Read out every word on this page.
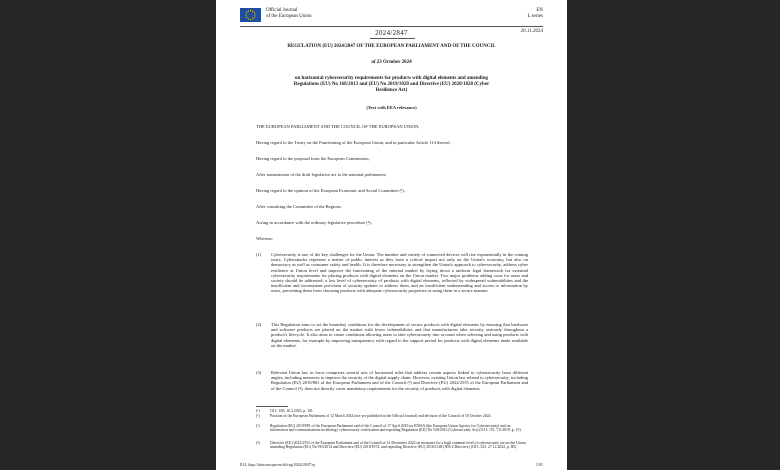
Official Journal
of the European Union
EN
L series
2024/2847	20.11.2024
REGULATION (EU) 2024/2847 OF THE EUROPEAN PARLIAMENT AND OF THE COUNCIL
of 23 October 2024
on horizontal cybersecurity requirements for products with digital elements and amending
Regulations (EU) No 168/2013 and (EU) No 2019/1020 and Directive (EU) 2020/1828 (Cyber
Resilience Act)
(Text with EEA relevance)
THE EUROPEAN PARLIAMENT AND THE COUNCIL OF THE EUROPEAN UNION,
Having regard to the Treaty on the Functioning of the European Union, and in particular Article 114 thereof,
Having regard to the proposal from the European Commission,
After transmission of the draft legislative act to the national parliaments,
Having regard to the opinion of the European Economic and Social Committee (¹),
After consulting the Committee of the Regions,
Acting in accordance with the ordinary legislative procedure (²),
Whereas:
(1)	Cybersecurity is one of the key challenges for the Union. The number and variety of connected devices will rise exponentially in the coming years. Cyberattacks represent a matter of public interest as they have a critical impact not only on the Union's economy, but also on democracy as well as consumer safety and health. It is therefore necessary to strengthen the Union's approach to cybersecurity, address cyber resilience at Union level and improve the functioning of the internal market by laying down a uniform legal framework for essential cybersecurity requirements for placing products with digital elements on the Union market. Two major problems adding costs for users and society should be addressed: a low level of cybersecurity of products with digital elements, reflected by widespread vulnerabilities and the insufficient and inconsistent provision of security updates to address them, and an insufficient understanding and access to information by users, preventing them from choosing products with adequate cybersecurity properties or using them in a secure manner.
(2)	This Regulation aims to set the boundary conditions for the development of secure products with digital elements by ensuring that hardware and software products are placed on the market with fewer vulnerabilities and that manufacturers take security seriously throughout a product's lifecycle. It also aims to create conditions allowing users to take cybersecurity into account when selecting and using products with digital elements, for example by improving transparency with regard to the support period for products with digital elements made available on the market.
(3)	Relevant Union law in force comprises several sets of horizontal rules that address certain aspects linked to cybersecurity from different angles, including measures to improve the security of the digital supply chain. However, existing Union law related to cybersecurity, including Regulation (EU) 2019/881 of the European Parliament and of the Council (³) and Directive (EU) 2022/2555 of the European Parliament and of the Council (⁴), does not directly cover mandatory requirements for the security of products with digital elements.
(¹)	OJ C 100, 16.3.2023, p. 101.
(²)	Position of the European Parliament of 12 March 2024 (not yet published in the Official Journal) and decision of the Council of 10 October 2024.
(³)	Regulation (EU) 2019/881 of the European Parliament and of the Council of 17 April 2019 on ENISA (the European Union Agency for Cybersecurity) and on information and communications technology cybersecurity certification and repealing Regulation (EU) No 526/2013 (Cybersecurity Act) (OJ L 151, 7.6.2019, p. 15).
(⁴)	Directive (EU) 2022/2555 of the European Parliament and of the Council of 14 December 2022 on measures for a high common level of cybersecurity across the Union, amending Regulation (EU) No 910/2014 and Directive (EU) 2018/1972, and repealing Directive (EU) 2016/1148 (NIS 2 Directive) (OJ L 333, 27.12.2022, p. 80).
ELI: http://data.europa.eu/eli/reg/2024/2847/oj	1/81
